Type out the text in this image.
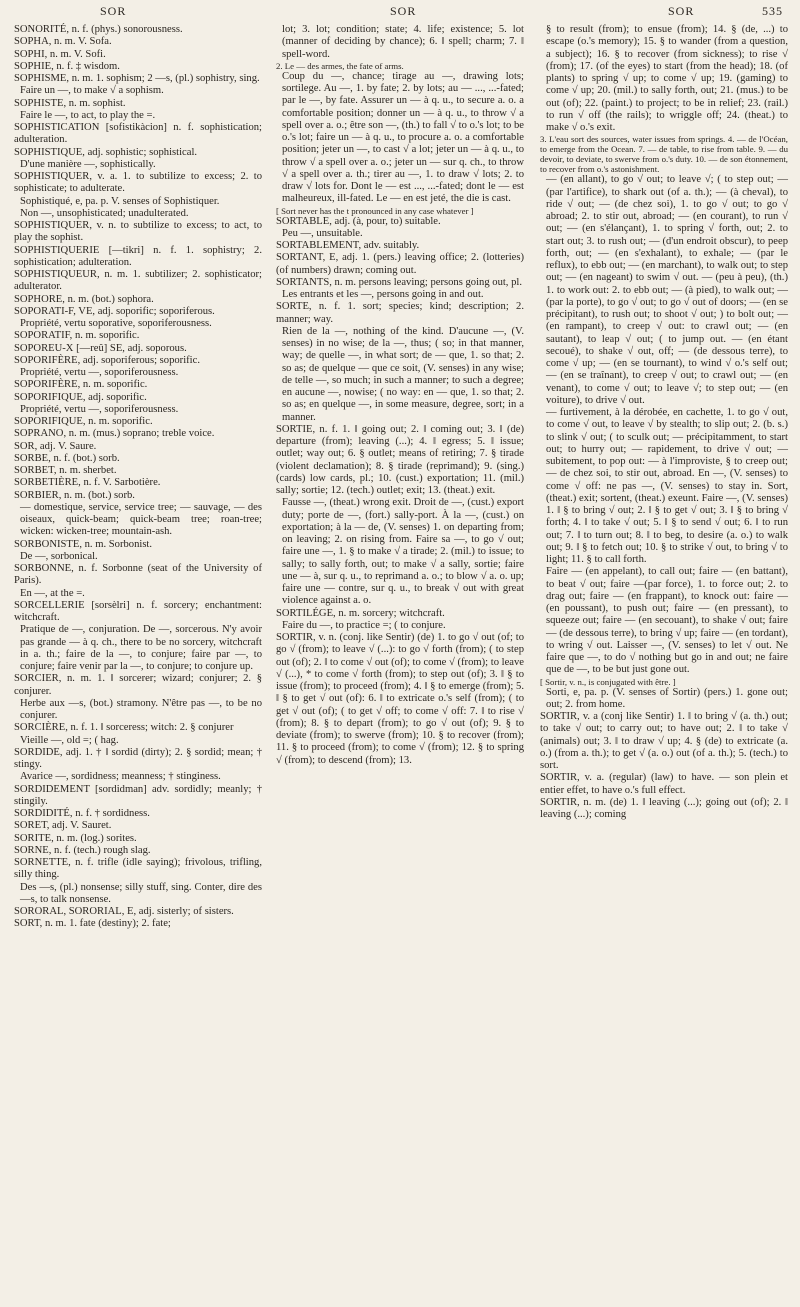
SOR	SOR	SOR	535

SONORITÉ, n. f. (phys.) sonorousness.

SOPHA, n. m. V. Sofa.

SOPHI, n. m. V. Sofi.

SOPHIE, n. f. ‡ wisdom.

SOPHISME, n. m. 1. sophism; 2 —s, (pl.) sophistry, sing.

Faire un —, to make √ a sophism.

SOPHISTE, n. m. sophist.

Faire le —, to act, to play the =.

SOPHISTICATION [sofistikàcion] n. f. sophistication; adulteration.

SOPHISTIQUE, adj. sophistic; sophistical.

D'une manière —, sophistically.

SOPHISTIQUER, v. a. 1. to subtilize to excess; 2. to sophisticate; to adulterate.

Sophistiqué, e, pa. p. V. senses of Sophistiquer.

Non —, unsophisticated; unadulterated.

SOPHISTIQUER, v. n. to subtilize to excess; to act, to play the sophist.

SOPHISTIQUERIE [—tikri] n. f. 1. sophistry; 2. sophistication; adulteration.

SOPHISTIQUEUR, n. m. 1. subtilizer; 2. sophisticator; adulterator.

SOPHORE, n. m. (bot.) sophora.

SOPORATI-F, VE, adj. soporific; soporiferous.

Propriété, vertu soporative, soporiferousness.

SOPORATIF, n. m. soporific.

SOPOREU-X [—reû] SE, adj. soporous.

SOPORIFÈRE, adj. soporiferous; soporific.

Propriété, vertu —, soporiferousness.

SOPORIFÈRE, n. m. soporific.

SOPORIFIQUE, adj. soporific.

Propriété, vertu —, soporiferousness.

SOPORIFIQUE, n. m. soporific.

SOPRANO, n. m. (mus.) soprano; treble voice.

SOR, adj. V. Saure.

SORBE, n. f. (bot.) sorb.

SORBET, n. m. sherbet.

SORBETIÈRE, n. f. V. Sarbotière.

SORBIER, n. m. (bot.) sorb.

— domestique, service, service tree; — sauvage, — des oiseaux, quick-beam; quick-beam tree; roan-tree; wicken: wicken-tree; mountain-ash.

SORBONISTE, n. m. Sorbonist.

De —, sorbonical.

SORBONNE, n. f. Sorbonne (seat of the University of Paris).

En —, at the =.

SORCELLERIE [sorsèlri] n. f. sorcery; enchantment: witchcraft.

Pratique de —, conjuration. De —, sorcerous. N'y avoir pas grande — à q. ch., there to be no sorcery, witchcraft in a. th.; faire de la —, to conjure; faire par —, to conjure; faire venir par la —, to conjure; to conjure up.

SORCIER, n. m. 1. ‖ sorcerer; wizard; conjurer; 2. § conjurer.

Herbe aux —s, (bot.) stramony. N'être pas —, to be no conjurer.

SORCIÈRE, n. f. 1. ‖ sorceress; witch: 2. § conjurer

Vieille —, old =; ( hag.

SORDIDE, adj. 1. † ‖ sordid (dirty); 2. § sordid; mean; † stingy.

Avarice —, sordidness; meanness; † stinginess.

SORDIDEMENT [sordidman] adv. sordidly; meanly; † stingily.

SORDIDITÉ, n. f. † sordidness.

SORET, adj. V. Sauret.

SORITE, n. m. (log.) sorites.

SORNE, n. f. (tech.) rough slag.

SORNETTE, n. f. trifle (idle saying); frivolous, trifling, silly thing.

Des —s, (pl.) nonsense; silly stuff, sing. Conter, dire des —s, to talk nonsense.

SORORAL, SORORIAL, E, adj. sisterly; of sisters.

SORT, n. m. 1. fate (destiny); 2. fate;

lot; 3. lot; condition; state; 4. life; existence; 5. lot (manner of deciding by chance); 6. ‖ spell; charm; 7. ‖ spell-word.

2. Le — des armes, the fate of arms.

Coup du —, chance; tirage au —, drawing lots; sortilege. Au —, 1. by fate; 2. by lots; au — ..., ...-fated; par le —, by fate. Assurer un — à q. u., to secure a. o. a comfortable position; donner un — à q. u., to throw √ a spell over a. o.; être son —, (th.) to fall √ to o.'s lot; to be o.'s lot; faire un — à q. u., to procure a. o. a comfortable position; jeter un —, to cast √ a lot; jeter un — à q. u., to throw √ a spell over a. o.; jeter un — sur q. ch., to throw √ a spell over a. th.; tirer au —, 1. to draw √ lots; 2. to draw √ lots for. Dont le — est ..., ...-fated; dont le — est malheureux, ill-fated. Le — en est jeté, the die is cast.

[ Sort never has the t pronounced in any case whatever ]

SORTABLE, adj. (à, pour, to) suitable.

Peu —, unsuitable.

SORTABLEMENT, adv. suitably.

SORTANT, E, adj. 1. (pers.) leaving office; 2. (lotteries) (of numbers) drawn; coming out.

SORTANTS, n. m. persons leaving; persons going out, pl.

Les entrants et les —, persons going in and out.

SORTE, n. f. 1. sort; species; kind; description; 2. manner; way.

Rien de la —, nothing of the kind. D'aucune —, (V. senses) in no wise; de la —, thus; ( so; in that manner, way; de quelle —, in what sort; de — que, 1. so that; 2. so as; de quelque — que ce soit, (V. senses) in any wise; de telle —, so much; in such a manner; to such a degree; en aucune —, nowise; ( no way: en — que, 1. so that; 2. so as; en quelque —, in some measure, degree, sort; in a manner.

SORTIE, n. f. 1. ‖ going out; 2. ‖ coming out; 3. ‖ (de) departure (from); leaving (...); 4. ‖ egress; 5. ‖ issue; outlet; way out; 6. § outlet; means of retiring; 7. § tirade (violent declamation); 8. § tirade (reprimand); 9. (sing.) (cards) low cards, pl.; 10. (cust.) exportation; 11. (mil.) sally; sortie; 12. (tech.) outlet; exit; 13. (theat.) exit.

Fausse —, (theat.) wrong exit. Droit de —, (cust.) export duty; porte de —, (fort.) sally-port. À la —, (cust.) on exportation; à la — de, (V. senses) 1. on departing from; on leaving; 2. on rising from. Faire sa —, to go √ out; faire une —, 1. § to make √ a tirade; 2. (mil.) to issue; to sally; to sally forth, out; to make √ a sally, sortie; faire une — à, sur q. u., to reprimand a. o.; to blow √ a. o. up; faire une — contre, sur q. u., to break √ out with great violence against a. o.

SORTILÉGE, n. m. sorcery; witchcraft.

Faire du —, to practice =; ( to conjure.

SORTIR, v. n. (conj. like Sentir) (de) 1. to go √ out (of; to go √ (from); to leave √ (...): to go √ forth (from); ( to step out (of); 2. ‖ to come √ out (of); to come √ (from); to leave √ (...), * to come √ forth (from); to step out (of); 3. ‖ § to issue (from); to proceed (from); 4. ‖ § to emerge (from); 5. ‖ § to get √ out (of): 6. ‖ to extricate o.'s self (from); ( to get √ out (of); ( to get √ off; to come √ off: 7. ‖ to rise √ (from); 8. § to depart (from); to go √ out (of); 9. § to deviate (from); to swerve (from); 10. § to recover (from); 11. § to proceed (from); to come √ (from); 12. § to spring √ (from); to descend (from); 13.

§ to result (from); to ensue (from); 14. § (de, ...) to escape (o.'s memory); 15. § to wander (from a question, a subject); 16. § to recover (from sickness); to rise √ (from); 17. (of the eyes) to start (from the head); 18. (of plants) to spring √ up; to come √ up; 19. (gaming) to come √ up; 20. (mil.) to sally forth, out; 21. (mus.) to be out (of); 22. (paint.) to project; to be in relief; 23. (rail.) to run √ off (the rails); to wriggle off; 24. (theat.) to make √ o.'s exit.

3. L'eau sort des sources, water issues from springs. 4. — de l'Océan, to emerge from the Ocean. 7. — de table, to rise from table. 9. — du devoir, to deviate, to swerve from o.'s duty. 10. — de son étonnement, to recover from o.'s astonishment.

— (en allant), to go √ out; to leave √; ( to step out; — (par l'artifice), to shark out (of a. th.); — (à cheval), to ride √ out; — (de chez soi), 1. to go √ out; to go √ abroad; 2. to stir out, abroad; — (en courant), to run √ out; — (en s'élançant), 1. to spring √ forth, out; 2. to start out; 3. to rush out; — (d'un endroit obscur), to peep forth, out; — (en s'exhalant), to exhale; — (par le reflux), to ebb out; — (en marchant), to walk out; to step out; — (en nageant) to swim √ out. — (peu à peu), (th.) 1. to work out: 2. to ebb out; — (à pied), to walk out; — (par la porte), to go √ out; to go √ out of doors; — (en se précipitant), to rush out; to shoot √ out; ) to bolt out; — (en rampant), to creep √ out: to crawl out; — (en sautant), to leap √ out; ( to jump out. — (en étant secoué), to shake √ out, off; — (de dessous terre), to come √ up; — (en se tournant), to wind √ o.'s self out; — (en se traînant), to creep √ out; to crawl out; — (en venant), to come √ out; to leave √; to step out; — (en voiture), to drive √ out.

— furtivement, à la dérobée, en cachette, 1. to go √ out, to come √ out, to leave √ by stealth; to slip out; 2. (b. s.) to slink √ out; ( to sculk out; — précipitamment, to start out; to hurry out; — rapidement, to drive √ out; — subitement, to pop out: — à l'improviste, § to creep out; — de chez soi, to stir out, abroad. En —, (V. senses) to come √ off: ne pas —, (V. senses) to stay in. Sort, (theat.) exit; sortent, (theat.) exeunt. Faire —, (V. senses) 1. ‖ § to bring √ out; 2. ‖ § to get √ out; 3. ‖ § to bring √ forth; 4. ‖ to take √ out; 5. ‖ § to send √ out; 6. ‖ to run out; 7. ‖ to turn out; 8. ‖ to beg, to desire (a. o.) to walk out; 9. ‖ § to fetch out; 10. § to strike √ out, to bring √ to light; 11. § to call forth.

Faire — (en appelant), to call out; faire — (en battant), to beat √ out; faire —(par force), 1. to force out; 2. to drag out; faire — (en frappant), to knock out: faire — (en poussant), to push out; faire — (en pressant), to squeeze out; faire — (en secouant), to shake √ out; faire — (de dessous terre), to bring √ up; faire — (en tordant), to wring √ out. Laisser —, (V. senses) to let √ out. Ne faire que —, to do √ nothing but go in and out; ne faire que de —, to be but just gone out.

[ Sortir, v. n., is conjugated with être. ]

Sorti, e, pa. p. (V. senses of Sortir) (pers.) 1. gone out; out; 2. from home.

SORTIR, v. a (conj like Sentir) 1. ‖ to bring √ (a. th.) out; to take √ out; to carry out; to have out; 2. ‖ to take √ (animals) out; 3. ‖ to draw √ up; 4. § (de) to extricate (a. o.) (from a. th.); to get √ (a. o.) out (of a. th.); 5. (tech.) to sort.

SORTIR, v. a. (regular) (law) to have. — son plein et entier effet, to have o.'s full effect.

SORTIR, n. m. (de) 1. ‖ leaving (...); going out (of); 2. ‖ leaving (...); coming
